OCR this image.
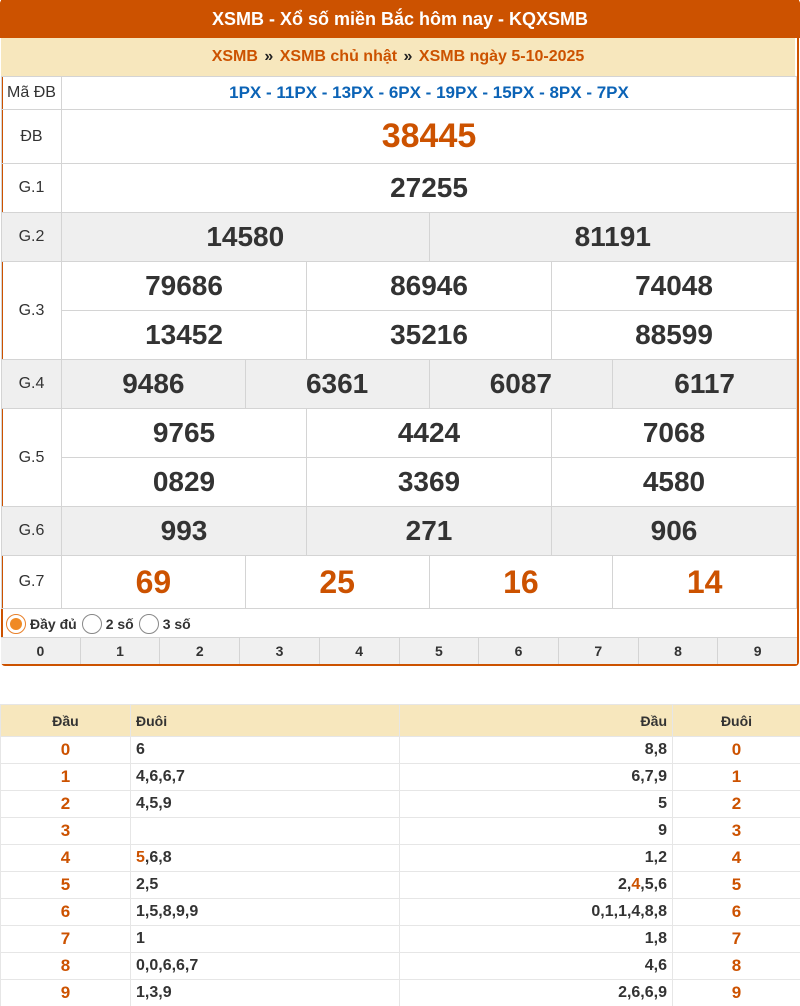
XSMB - Xổ số miền Bắc hôm nay - KQXSMB
XSMB » XSMB chủ nhật » XSMB ngày 5-10-2025
Mã ĐB	1PX - 11PX - 13PX - 6PX - 19PX - 15PX - 8PX - 7PX					
ĐB	38445					
G.1	27255					
G.2	14580			81191		
G.3	79686		86946		74048	
	13452		35216		88599	
G.4	9486	6361		6087		6117
G.5	9765		4424		7068	
	0829		3369		4580	
G.6	993		271		906	
G.7	69	25		16		14
Đầy đủ 2 số 3 số
0	1	2	3	4	5	6	7	8	9
Đầu	Đuôi	Đầu	Đuôi
0	6	8,8	0
1	4,6,6,7	6,7,9	1
2	4,5,9	5	2
3		9	3
4	5,6,8	1,2	4
5	2,5	2,4,5,6	5
6	1,5,8,9,9	0,1,1,4,8,8	6
7	1	1,8	7
8	0,0,6,6,7	4,6	8
9	1,3,9	2,6,6,9	9
